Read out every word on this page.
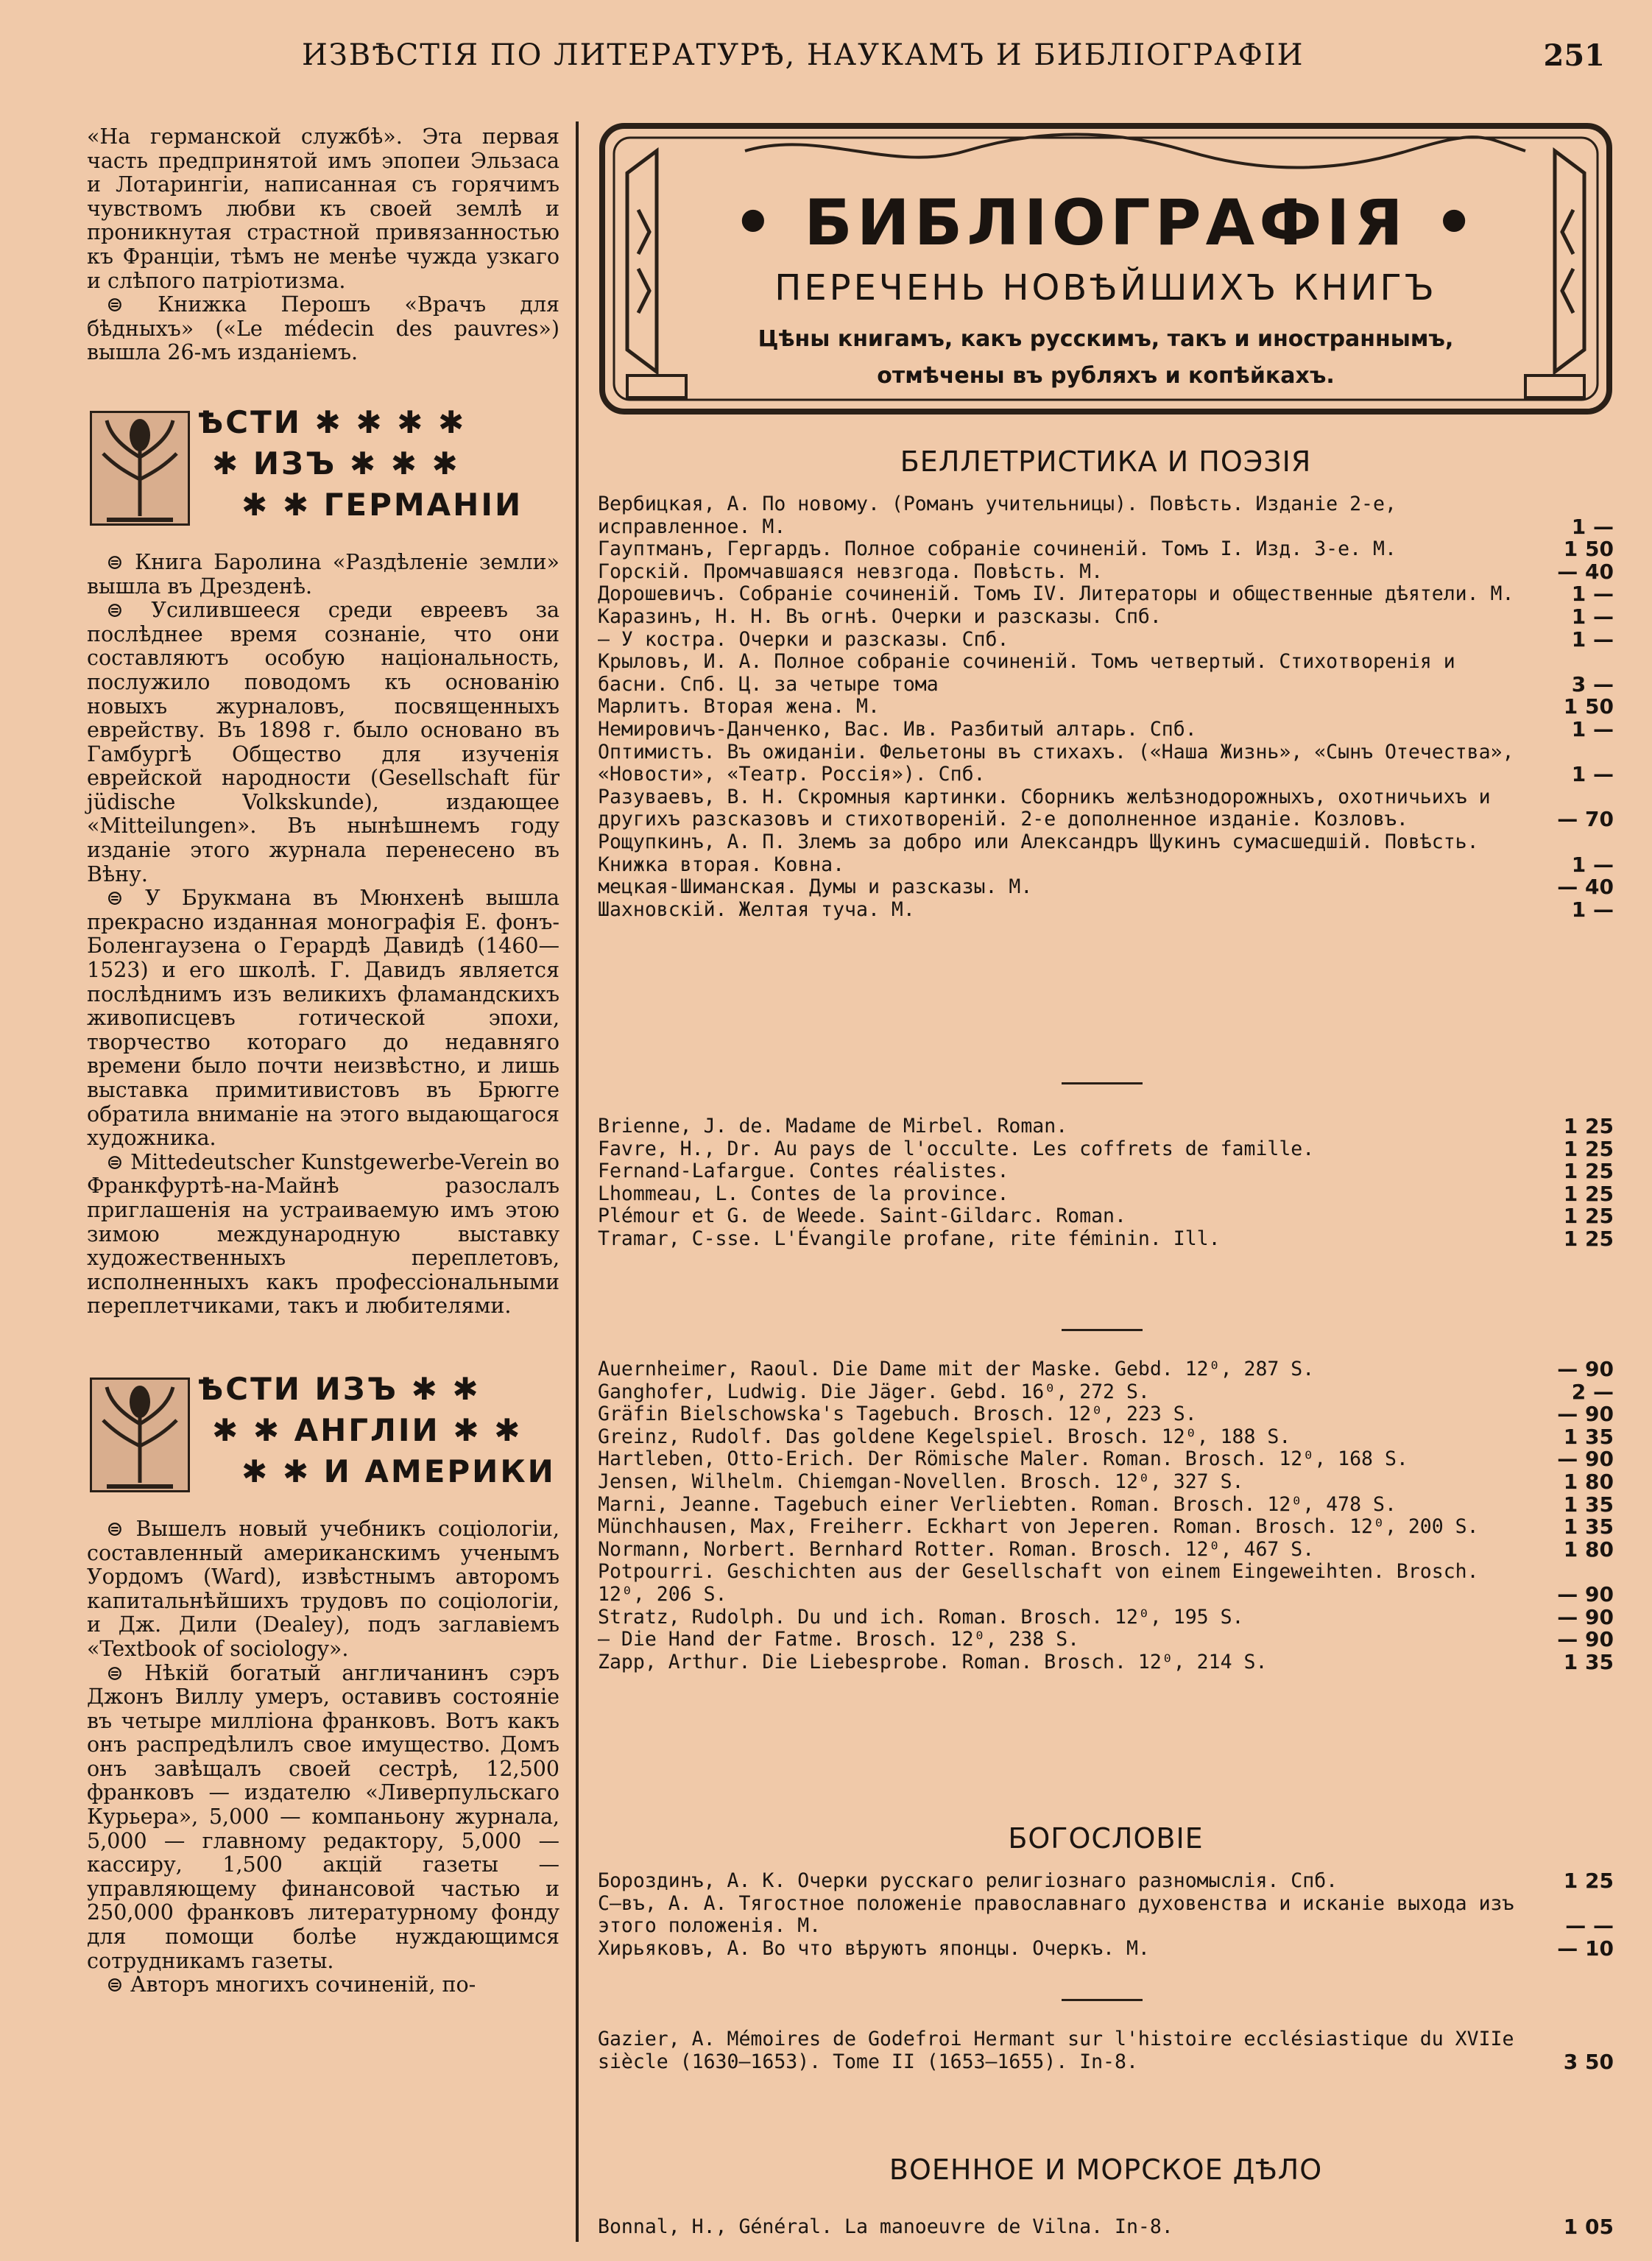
ИЗВѢСТІЯ ПО ЛИТЕРАТУРѢ, НАУКАМЪ И БИБЛІОГРАФІИ	251

«На германской службѣ». Эта первая часть предпринятой имъ эпопеи Эльзаса и Лотарингіи, написанная съ горячимъ чувствомъ любви къ своей землѣ и проникнутая страстной привязанностью къ Франціи, тѣмъ не менѣе чужда узкаго и слѣпого патріотизма.

⊜ Книжка Перошъ «Врачъ для бѣдныхъ» («Le médecin des pauvres») вышла 26-мъ изданіемъ.

ѢСТИ ✱ ✱ ✱ ✱
✱ ИЗЪ ✱ ✱ ✱
✱ ✱ ГЕРМАНІИ

⊜ Книга Баролина «Раздѣленіе земли» вышла въ Дрезденѣ.

⊜ Усилившееся среди евреевъ за послѣднее время сознаніе, что они составляютъ особую національность, послужило поводомъ къ основанію новыхъ журналовъ, посвященныхъ еврейству. Въ 1898 г. было основано въ Гамбургѣ Общество для изученія еврейской народности (Gesellschaft für jüdische Volkskunde), издающее «Mitteilungen». Въ нынѣшнемъ году изданіе этого журнала перенесено въ Вѣну.

⊜ У Брукмана въ Мюнхенѣ вышла прекрасно изданная монографія Е. фонъ-Боленгаузена о Герардѣ Давидѣ (1460—1523) и его школѣ. Г. Давидъ является послѣднимъ изъ великихъ фламандскихъ живописцевъ готической эпохи, творчество котораго до недавняго времени было почти неизвѣстно, и лишь выставка примитивистовъ въ Брюгге обратила вниманіе на этого выдающагося художника.

⊜ Mittedeutscher Kunstgewerbe-Verein во Франкфуртѣ-на-Майнѣ разослалъ приглашенія на устраиваемую имъ этою зимою международную выставку художественныхъ переплетовъ, исполненныхъ какъ профессіональными переплетчиками, такъ и любителями.

ѢСТИ ИЗЪ ✱ ✱
✱ ✱ АНГЛІИ ✱ ✱
✱ ✱ И АМЕРИКИ

⊜ Вышелъ новый учебникъ соціологіи, составленный американскимъ ученымъ Уордомъ (Ward), извѣстнымъ авторомъ капитальнѣйшихъ трудовъ по соціологіи, и Дж. Дили (Dealey), подъ заглавіемъ «Textbook of sociology».

⊜ Нѣкій богатый англичанинъ сэръ Джонъ Виллу умеръ, оставивъ состояніе въ четыре милліона франковъ. Вотъ какъ онъ распредѣлилъ свое имущество. Домъ онъ завѣщалъ своей сестрѣ, 12,500 франковъ — издателю «Ливерпульскаго Курьера», 5,000 — компаньону журнала, 5,000 — главному редактору, 5,000 — кассиру, 1,500 акцій газеты — управляющему финансовой частью и 250,000 франковъ литературному фонду для помощи болѣе нуждающимся сотрудникамъ газеты.

⊜ Авторъ многихъ сочиненій, по-

• БИБЛІОГРАФІЯ •
ПЕРЕЧЕНЬ НОВѢЙШИХЪ КНИГЪ
Цѣны книгамъ, какъ русскимъ, такъ и иностраннымъ,
отмѣчены въ рубляхъ и копѣйкахъ.
БЕЛЛЕТРИСТИКА И ПОЭЗІЯ
Вербицкая, А. По новому. (Романъ учительницы). Повѣсть. Изданіе 2-е, исправленное. М.	1 —
Гауптманъ, Гергардъ. Полное собраніе сочиненій. Томъ I. Изд. 3-е. М.	1 50
Горскій. Промчавшаяся невзгода. Повѣсть. М.	— 40
Дорошевичъ. Собраніе сочиненій. Томъ IV. Литераторы и общественные дѣятели. М.	1 —
Каразинъ, Н. Н. Въ огнѣ. Очерки и разсказы. Спб.	1 —
— У костра. Очерки и разсказы. Спб.	1 —
Крыловъ, И. А. Полное собраніе сочиненій. Томъ четвертый. Стихотворенія и басни. Спб. Ц. за четыре тома	3 —
Марлитъ. Вторая жена. М.	1 50
Немировичъ-Данченко, Вас. Ив. Разбитый алтарь. Спб.	1 —
Оптимистъ. Въ ожиданіи. Фельетоны въ стихахъ. («Наша Жизнь», «Сынъ Отечества», «Новости», «Театр. Россія»). Спб.	1 —
Разуваевъ, В. Н. Скромныя картинки. Сборникъ желѣзнодорожныхъ, охотничьихъ и другихъ разсказовъ и стихотвореній. 2-е дополненное изданіе. Козловъ.	— 70
Рощупкинъ, А. П. Злемъ за добро или Александръ Щукинъ сумасшедшій. Повѣсть. Книжка вторая. Ковна.	1 —
мецкая-Шиманская. Думы и разсказы. М.	— 40
Шахновскій. Желтая туча. М.	1 —
Brienne, J. de. Madame de Mirbel. Roman.	1 25
Favre, H., Dr. Au pays de l'occulte. Les coffrets de famille.	1 25
Fernand-Lafargue. Contes réalistes.	1 25
Lhommeau, L. Contes de la province.	1 25
Plémour et G. de Weede. Saint-Gildarc. Roman.	1 25
Tramar, C-sse. L'Évangile profane, rite féminin. Ill.	1 25
Auernheimer, Raoul. Die Dame mit der Maske. Gebd. 12⁰, 287 S.	— 90
Ganghofer, Ludwig. Die Jäger. Gebd. 16⁰, 272 S.	2 —
Gräfin Bielschowska's Tagebuch. Brosch. 12⁰, 223 S.	— 90
Greinz, Rudolf. Das goldene Kegelspiel. Brosch. 12⁰, 188 S.	1 35
Hartleben, Otto-Erich. Der Römische Maler. Roman. Brosch. 12⁰, 168 S.	— 90
Jensen, Wilhelm. Chiemgan-Novellen. Brosch. 12⁰, 327 S.	1 80
Marni, Jeanne. Tagebuch einer Verliebten. Roman. Brosch. 12⁰, 478 S.	1 35
Münchhausen, Max, Freiherr. Eckhart von Jeperen. Roman. Brosch. 12⁰, 200 S.	1 35
Normann, Norbert. Bernhard Rotter. Roman. Brosch. 12⁰, 467 S.	1 80
Potpourri. Geschichten aus der Gesellschaft von einem Eingeweihten. Brosch. 12⁰, 206 S.	— 90
Stratz, Rudolph. Du und ich. Roman. Brosch. 12⁰, 195 S.	— 90
— Die Hand der Fatme. Brosch. 12⁰, 238 S.	— 90
Zapp, Arthur. Die Liebesprobe. Roman. Brosch. 12⁰, 214 S.	1 35
БОГОСЛОВІЕ
Бороздинъ, А. К. Очерки русскаго религіознаго разномыслія. Спб.	1 25
С—въ, А. А. Тягостное положеніе православнаго духовенства и исканіе выхода изъ этого положенія. М.	— —
Хирьяковъ, А. Во что вѣруютъ японцы. Очеркъ. М.	— 10
Gazier, A. Mémoires de Godefroi Hermant sur l'histoire ecclésiastique du XVIIe siècle (1630—1653). Tome II (1653—1655). In-8.	3 50
ВОЕННОЕ И МОРСКОЕ ДѢЛО
Bonnal, H., Général. La manoeuvre de Vilna. In-8.	1 05
